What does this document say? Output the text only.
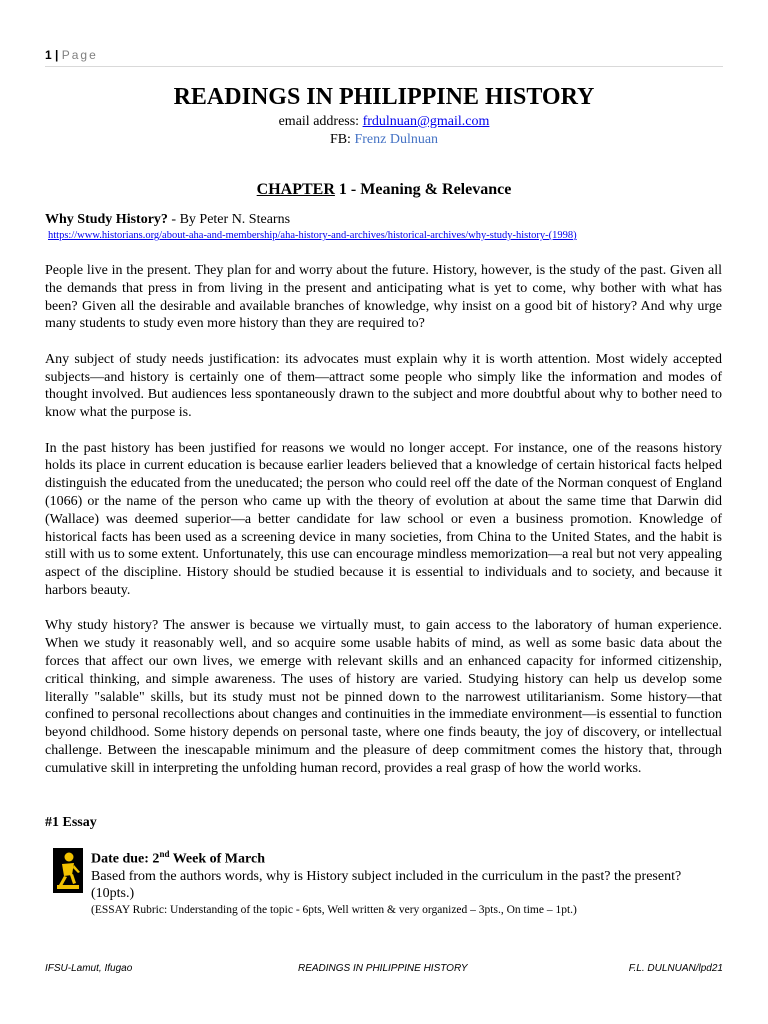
1 | Page
READINGS IN PHILIPPINE HISTORY
email address: frdulnuan@gmail.com
FB: Frenz Dulnuan
CHAPTER 1 - Meaning & Relevance
Why Study History? - By Peter N. Stearns
https://www.historians.org/about-aha-and-membership/aha-history-and-archives/historical-archives/why-study-history-(1998)

People live in the present. They plan for and worry about the future. History, however, is the study of the past. Given all the demands that press in from living in the present and anticipating what is yet to come, why bother with what has been? Given all the desirable and available branches of knowledge, why insist on a good bit of history? And why urge many students to study even more history than they are required to?

Any subject of study needs justification: its advocates must explain why it is worth attention. Most widely accepted subjects—and history is certainly one of them—attract some people who simply like the information and modes of thought involved. But audiences less spontaneously drawn to the subject and more doubtful about why to bother need to know what the purpose is.

In the past history has been justified for reasons we would no longer accept. For instance, one of the reasons history holds its place in current education is because earlier leaders believed that a knowledge of certain historical facts helped distinguish the educated from the uneducated; the person who could reel off the date of the Norman conquest of England (1066) or the name of the person who came up with the theory of evolution at about the same time that Darwin did (Wallace) was deemed superior—a better candidate for law school or even a business promotion. Knowledge of historical facts has been used as a screening device in many societies, from China to the United States, and the habit is still with us to some extent. Unfortunately, this use can encourage mindless memorization—a real but not very appealing aspect of the discipline. History should be studied because it is essential to individuals and to society, and because it harbors beauty.

Why study history? The answer is because we virtually must, to gain access to the laboratory of human experience. When we study it reasonably well, and so acquire some usable habits of mind, as well as some basic data about the forces that affect our own lives, we emerge with relevant skills and an enhanced capacity for informed citizenship, critical thinking, and simple awareness. The uses of history are varied. Studying history can help us develop some literally "salable" skills, but its study must not be pinned down to the narrowest utilitarianism. Some history—that confined to personal recollections about changes and continuities in the immediate environment—is essential to function beyond childhood. Some history depends on personal taste, where one finds beauty, the joy of discovery, or intellectual challenge. Between the inescapable minimum and the pleasure of deep commitment comes the history that, through cumulative skill in interpreting the unfolding human record, provides a real grasp of how the world works.

#1 Essay
Date due: 2nd Week of March
Based from the authors words, why is History subject included in the curriculum in the past? the present? (10pts.)
(ESSAY Rubric: Understanding of the topic - 6pts, Well written & very organized – 3pts., On time – 1pt.)
IFSU-Lamut, Ifugao	READINGS IN PHILIPPINE HISTORY	F.L. DULNUAN/lpd21
